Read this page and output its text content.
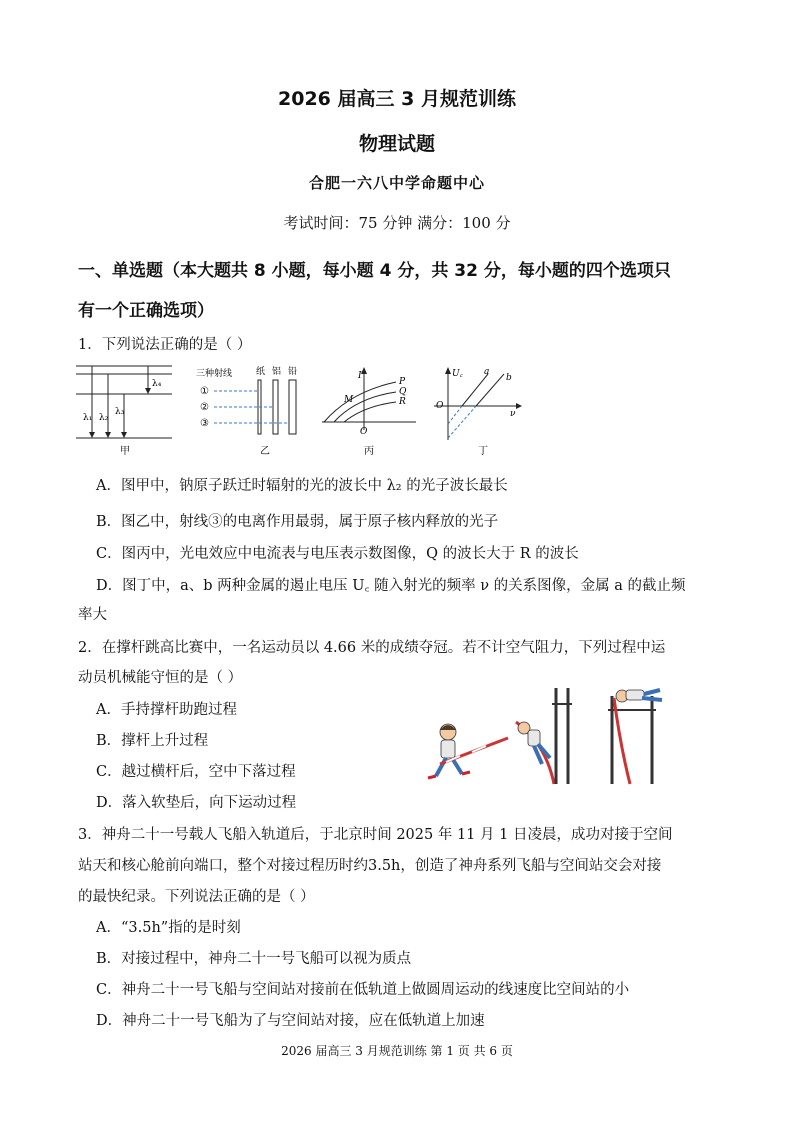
2026 届高三 3 月规范训练
物理试题
合肥一六八中学命题中心
考试时间：75 分钟 满分：100 分
一、单选题（本大题共 8 小题，每小题 4 分，共 32 分，每小题的四个选项只
有一个正确选项）
1．下列说法正确的是（ ）
λ₁ λ₂
λ₃
λ₄
甲
三种射线	纸 铝 铅
①
②
③
乙
I
O
P
Q
R
M
丙
U꜀
ν
O
a
b
丁
A．图甲中，钠原子跃迁时辐射的光的波长中 λ₂ 的光子波长最长
B．图乙中，射线③的电离作用最弱，属于原子核内释放的光子
C．图丙中，光电效应中电流表与电压表示数图像，Q 的波长大于 R 的波长
D．图丁中，a、b 两种金属的遏止电压 U꜀ 随入射光的频率 ν 的关系图像，金属 a 的截止频
率大
2．在撑杆跳高比赛中，一名运动员以 4.66 米的成绩夺冠。若不计空气阻力，下列过程中运
动员机械能守恒的是（ ）
A．手持撑杆助跑过程
B．撑杆上升过程
C．越过横杆后，空中下落过程
D．落入软垫后，向下运动过程
3．神舟二十一号载人飞船入轨道后，于北京时间 2025 年 11 月 1 日凌晨，成功对接于空间
站天和核心舱前向端口，整个对接过程历时约3.5h，创造了神舟系列飞船与空间站交会对接
的最快纪录。下列说法正确的是（ ）
A．“3.5h”指的是时刻
B．对接过程中，神舟二十一号飞船可以视为质点
C．神舟二十一号飞船与空间站对接前在低轨道上做圆周运动的线速度比空间站的小
D．神舟二十一号飞船为了与空间站对接，应在低轨道上加速
2026 届高三 3 月规范训练 第 1 页 共 6 页
